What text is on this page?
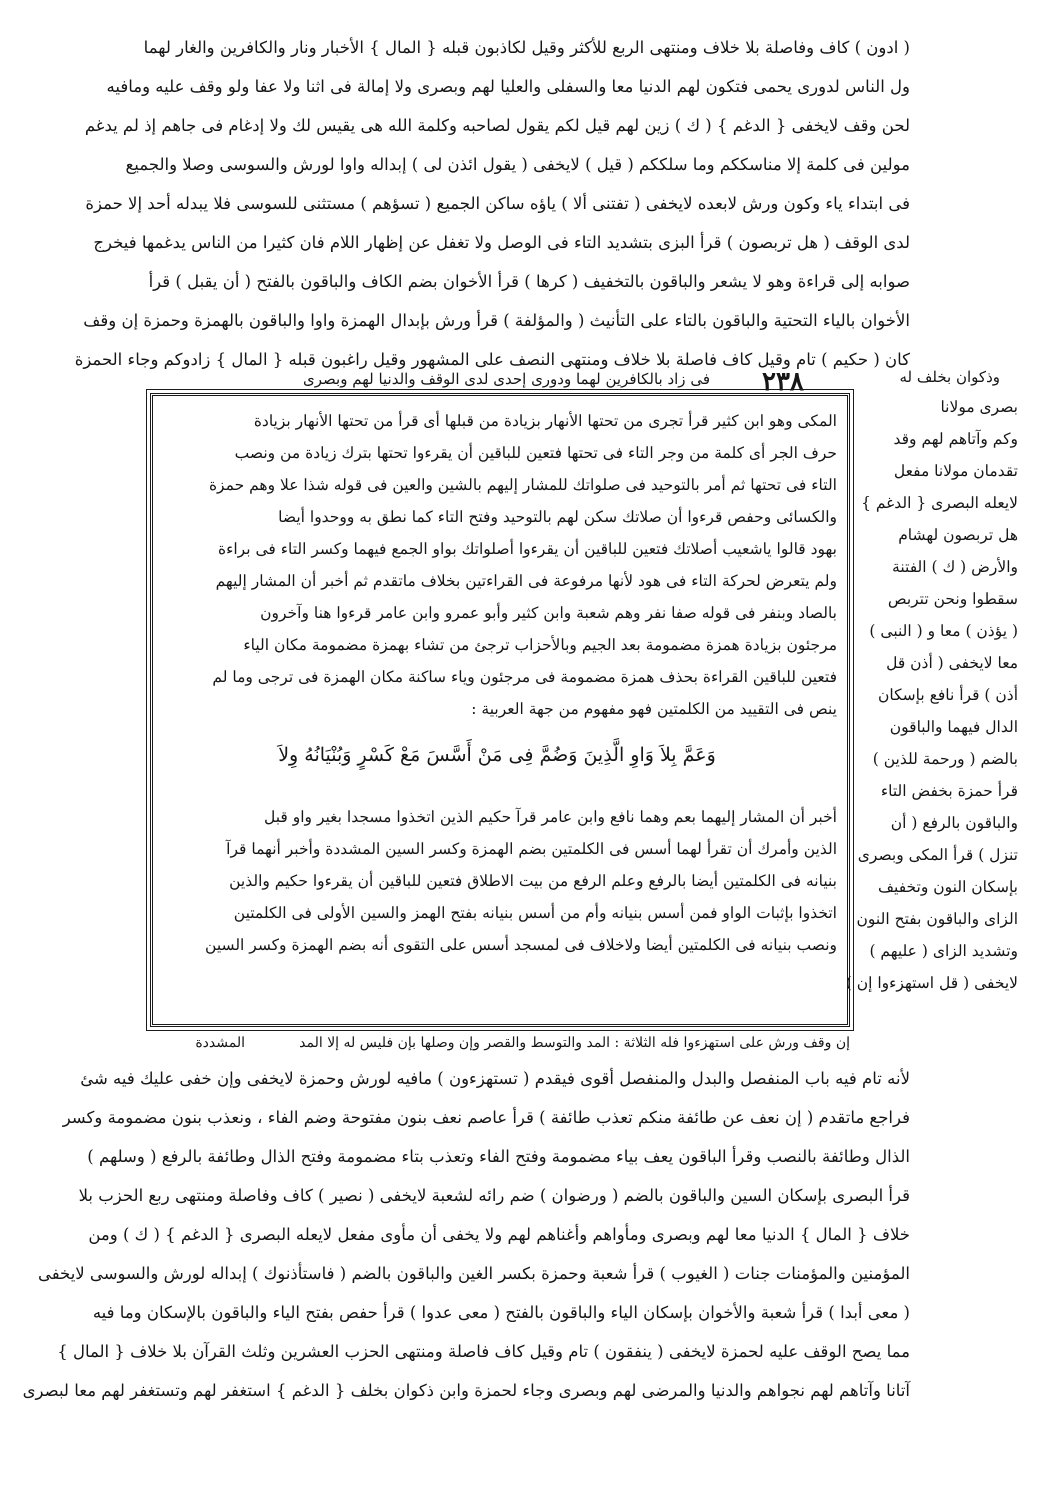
( ادون ) كاف وفاصلة بلا خلاف ومنتهى الربع للأكثر وقيل لكاذبون قبله { المال } الأخبار ونار والكافرين والغار لهما
ول الناس لدورى يحمى فتكون لهم الدنيا معا والسفلى والعليا لهم وبصرى ولا إمالة فى اثنا ولا عفا ولو وقف عليه ومافيه
لحن وقف لايخفى { الدغم } ( ك ) زين لهم قيل لكم يقول لصاحبه وكلمة الله هى يقيس لك ولا إدغام فى جاهم إذ لم يدغم
مولين فى كلمة إلا مناسككم وما سلككم ( قيل ) لايخفى ( يقول ائذن لى ) إبداله واوا لورش والسوسى وصلا والجميع
فى ابتداء ياء وكون ورش لابعده لايخفى ( تفتنى ألا ) ياؤه ساكن الجميع ( تسؤهم ) مستثنى للسوسى فلا يبدله أحد إلا حمزة
لدى الوقف ( هل تربصون ) قرأ البزى بتشديد التاء فى الوصل ولا تغفل عن إظهار اللام فان كثيرا من الناس يدغمها فيخرج
صوابه إلى قراءة وهو لا يشعر والباقون بالتخفيف ( كرها ) قرأ الأخوان بضم الكاف والباقون بالفتح ( أن يقبل ) قرأ
الأخوان بالياء التحتية والباقون بالتاء على التأنيث ( والمؤلفة ) قرأ ورش بإبدال الهمزة واوا والباقون بالهمزة وحمزة إن وقف
كان ( حكيم ) تام وقيل كاف فاصلة بلا خلاف ومنتهى النصف على المشهور وقيل راغبون قبله { المال } زادوكم وجاء الحمزة
فى زاد بالكافرين لهما ودورى إحدى لدى الوقف والدنيا لهم وبصرى ٢٣٨	وذكوان بخلف له
بصرى مولانا
وكم وآتاهم لهم وقد
تقدمان مولانا مفعل
لايعله البصرى { الدغم }
هل تربصون لهشام
والأرض ( ك ) الفتنة
سقطوا ونحن تتربص
( يؤذن ) معا و ( النبى )
معا لايخفى ( أذن قل
أذن ) قرأ نافع بإسكان
الدال فيهما والباقون
بالضم ( ورحمة للذين )
قرأ حمزة بخفض التاء
والباقون بالرفع ( أن
تنزل ) قرأ المكى وبصرى
بإسكان النون وتخفيف
الزاى والباقون بفتح النون
وتشديد الزاى ( عليهم )
لايخفى ( قل استهزءوا إن )
المكى وهو ابن كثير قرأ تجرى من تحتها الأنهار بزيادة من قبلها أى قرأ من تحتها الأنهار بزيادة
حرف الجر أى كلمة من وجر التاء فى تحتها فتعين للباقين أن يقرءوا تحتها بترك زيادة من ونصب
التاء فى تحتها ثم أمر بالتوحيد فى صلواتك للمشار إليهم بالشين والعين فى قوله شذا علا وهم حمزة
والكسائى وحفص قرءوا أن صلاتك سكن لهم بالتوحيد وفتح التاء كما نطق به ووحدوا أيضا
بهود قالوا ياشعيب أصلاتك فتعين للباقين أن يقرءوا أصلواتك بواو الجمع فيهما وكسر التاء فى براءة
ولم يتعرض لحركة التاء فى هود لأنها مرفوعة فى القراءتين بخلاف ماتقدم ثم أخبر أن المشار إليهم
بالصاد وبنفر فى قوله صفا نفر وهم شعبة وابن كثير وأبو عمرو وابن عامر قرءوا هنا وآخرون
مرجئون بزيادة همزة مضمومة بعد الجيم وبالأحزاب ترجئ من تشاء بهمزة مضمومة مكان الياء
فتعين للباقين القراءة بحذف همزة مضمومة فى مرجئون وياء ساكنة مكان الهمزة فى ترجى وما لم
ينص فى التقييد من الكلمتين فهو مفهوم من جهة العربية :
وَعَمَّ بِلاَ وَاوِ الَّذِينَ وَضُمَّ فِى مَنْ أَسَّسَ مَعْ كَسْرٍ وَبُنْيَانُهُ وِلاَ
أخبر أن المشار إليهما بعم وهما نافع وابن عامر قرآ حكيم الذين اتخذوا مسجدا بغير واو قبل
الذين وأمرك أن تقرأ لهما أسس فى الكلمتين بضم الهمزة وكسر السين المشددة وأخبر أنهما قرآ
بنيانه فى الكلمتين أيضا بالرفع وعلم الرفع من بيت الاطلاق فتعين للباقين أن يقرءوا حكيم والذين
اتخذوا بإثبات الواو فمن أسس بنيانه وأم من أسس بنيانه بفتح الهمز والسين الأولى فى الكلمتين
ونصب بنيانه فى الكلمتين أيضا ولاخلاف فى لمسجد أسس على التقوى أنه بضم الهمزة وكسر السين
إن وقف ورش على استهزءوا فله الثلاثة : المد والتوسط والقصر وإن وصلها بإن فليس له إلا المد
المشددة
لأنه تام فيه باب المنفصل والبدل والمنفصل أقوى فيقدم ( تستهزءون ) مافيه لورش وحمزة لايخفى وإن خفى عليك فيه شئ
فراجع ماتقدم ( إن نعف عن طائفة منكم تعذب طائفة ) قرأ عاصم نعف بنون مفتوحة وضم الفاء ، ونعذب بنون مضمومة وكسر
الذال وطائفة بالنصب وقرأ الباقون يعف بياء مضمومة وفتح الفاء وتعذب بتاء مضمومة وفتح الذال وطائفة بالرفع ( وسلهم )
قرأ البصرى بإسكان السين والباقون بالضم ( ورضوان ) ضم رائه لشعبة لايخفى ( نصير ) كاف وفاصلة ومنتهى ربع الحزب بلا
خلاف { المال } الدنيا معا لهم وبصرى ومأواهم وأغناهم لهم ولا يخفى أن مأوى مفعل لايعله البصرى { الدغم } ( ك ) ومن
المؤمنين والمؤمنات جنات ( الغيوب ) قرأ شعبة وحمزة بكسر الغين والباقون بالضم ( فاستأذنوك ) إبداله لورش والسوسى لايخفى
( معى أبدا ) قرأ شعبة والأخوان بإسكان الياء والباقون بالفتح ( معى عدوا ) قرأ حفص بفتح الياء والباقون بالإسكان وما فيه
مما يصح الوقف عليه لحمزة لايخفى ( ينفقون ) تام وقيل كاف فاصلة ومنتهى الحزب العشرين وثلث القرآن بلا خلاف { المال }
آتانا وآتاهم لهم نجواهم والدنيا والمرضى لهم وبصرى وجاء لحمزة وابن ذكوان بخلف { الدغم } استغفر لهم وتستغفر لهم معا لبصرى
